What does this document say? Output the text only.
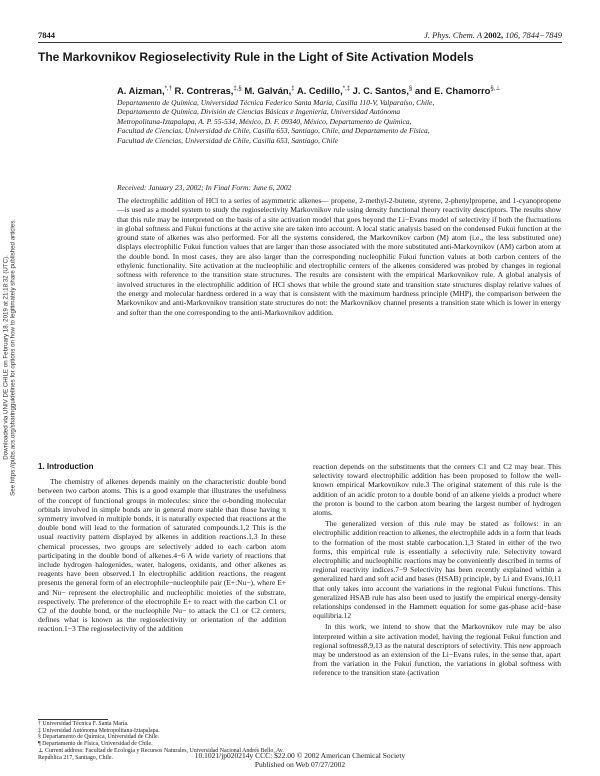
7844	J. Phys. Chem. A 2002, 106, 7844−7849
Downloaded via UNIV DE CHILE on February 18, 2019 at 21:18:32 (UTC). See https://pubs.acs.org/sharingguidelines for options on how to legitimately share published articles.
The Markovnikov Regioselectivity Rule in the Light of Site Activation Models
A. Aizman,*,† R. Contreras,‡,§ M. Galván,‡ A. Cedillo,*,‡ J. C. Santos,§ and E. Chamorro§,⊥
Departamento de Química, Universidad Técnica Federico Santa María, Casilla 110-V, Valparaíso, Chile,
Departamento de Química, División de Ciencias Básicas e Ingeniería, Universidad Autónoma
Metropolitana-Iztapalapa, A. P. 55-534, México, D. F. 09340, México, Departamento de Química,
Facultad de Ciencias, Universidad de Chile, Casilla 653, Santiago, Chile, and Departamento de Física,
Facultad de Ciencias, Universidad de Chile, Casilla 653, Santiago, Chile
Received: January 23, 2002; In Final Form: June 6, 2002
The electrophilic addition of HCl to a series of asymmetric alkenes— propene, 2-methyl-2-butene, styrene, 2-phenylpropene, and 1-cyanopropene—is used as a model system to study the regioselectivity Markovnikov rule using density functional theory reactivity descriptors. The results show that this rule may be interpreted on the basis of a site activation model that goes beyond the Li−Evans model of selectivity if both the fluctuations in global softness and Fukui functions at the active site are taken into account. A local static analysis based on the condensed Fukui function at the ground state of alkenes was also performed. For all the systems considered, the Markovnikov carbon (M) atom (i.e., the less substituted one) displays electrophilic Fukui function values that are larger than those associated with the more substituted anti-Markovnikov (AM) carbon atom at the double bond. In most cases, they are also larger than the corresponding nucleophilic Fukui function values at both carbon centers of the ethylenic functionality. Site activation at the nucleophilic and electrophilic centers of the alkenes considered was probed by changes in regional softness with reference to the transition state structures. The results are consistent with the empirical Markovnikov rule. A global analysis of involved structures in the electrophilic addition of HCl shows that while the ground state and transition state structures display relative values of the energy and molecular hardness ordered in a way that is consistent with the maximum hardness principle (MHP), the comparison between the Markovnikov and anti-Markovnikov transition state structures do not: the Markovnikov channel presents a transition state which is lower in energy and softer than the one corresponding to the anti-Markovnikov addition.
1. Introduction

The chemistry of alkenes depends mainly on the characteristic double bond between two carbon atoms. This is a good example that illustrates the usefulness of the concept of functional groups in molecules: since the σ-bonding molecular orbitals involved in simple bonds are in general more stable than those having π symmetry involved in multiple bonds, it is naturally expected that reactions at the double bond will lead to the formation of saturated compounds.1,2 This is the usual reactivity pattern displayed by alkenes in addition reactions.1,3 In these chemical processes, two groups are selectively added to each carbon atom participating in the double bond of alkenes.4−6 A wide variety of reactions that include hydrogen halogenides, water, halogens, oxidants, and other alkenes as reagents have been observed.1 In electrophilic addition reactions, the reagent presents the general form of an electrophile−nucleophile pair (E+:Nu−), where E+ and Nu− represent the electrophilic and nucleophilic moieties of the substrate, respectively. The preference of the electrophile E+ to react with the carbon C1 or C2 of the double bond, or the nucleophile Nu− to attack the C1 or C2 centers, defines what is known as the regioselectivity or orientation of the addition reaction.1−3 The regioselectivity of the addition

reaction depends on the substituents that the centers C1 and C2 may bear. This selectivity toward electrophilic addition has been proposed to follow the well-known empirical Markovnikov rule.3 The original statement of this rule is the addition of an acidic proton to a double bond of an alkene yields a product where the proton is bound to the carbon atom bearing the largest number of hydrogen atoms.

The generalized version of this rule may be stated as follows: in an electrophilic addition reaction to alkenes, the electrophile adds in a form that leads to the formation of the most stable carbocation.1,3 Stated in either of the two forms, this empirical rule is essentially a selectivity rule. Selectivity toward electrophilic and nucleophilic reactions may be conveniently described in terms of regional reactivity indices.7−9 Selectivity has been recently explained within a generalized hard and soft acid and bases (HSAB) principle, by Li and Evans,10,11 that only takes into account the variations in the regional Fukui functions. This generalized HSAB rule has also been used to justify the empirical energy-density relationships condensed in the Hammett equation for some gas-phase acid−base equilibria.12

In this work, we intend to show that the Markovnikov rule may be also interpreted within a site activation model, having the regional Fukui function and regional softness8,9,13 as the natural descriptors of selectivity. This new approach may be understood as an extension of the Li−Evans rules, in the sense that, apart from the variation in the Fukui function, the variations in global softness with reference to the transition state (activation

† Universidad Técnica F. Santa María.
‡ Universidad Autónoma Metropolitana-Iztapalapa.
§ Departamento de Química, Universidad de Chile.
¶ Departamento de Física, Universidad de Chile.
⊥ Current address: Facultad de Ecología y Recursos Naturales, Universidad Nacional Andrés Bello, Av. República 217, Santiago, Chile.	10.1021/jp020214y CCC: $22.00 © 2002 American Chemical Society
Published on Web 07/27/2002
